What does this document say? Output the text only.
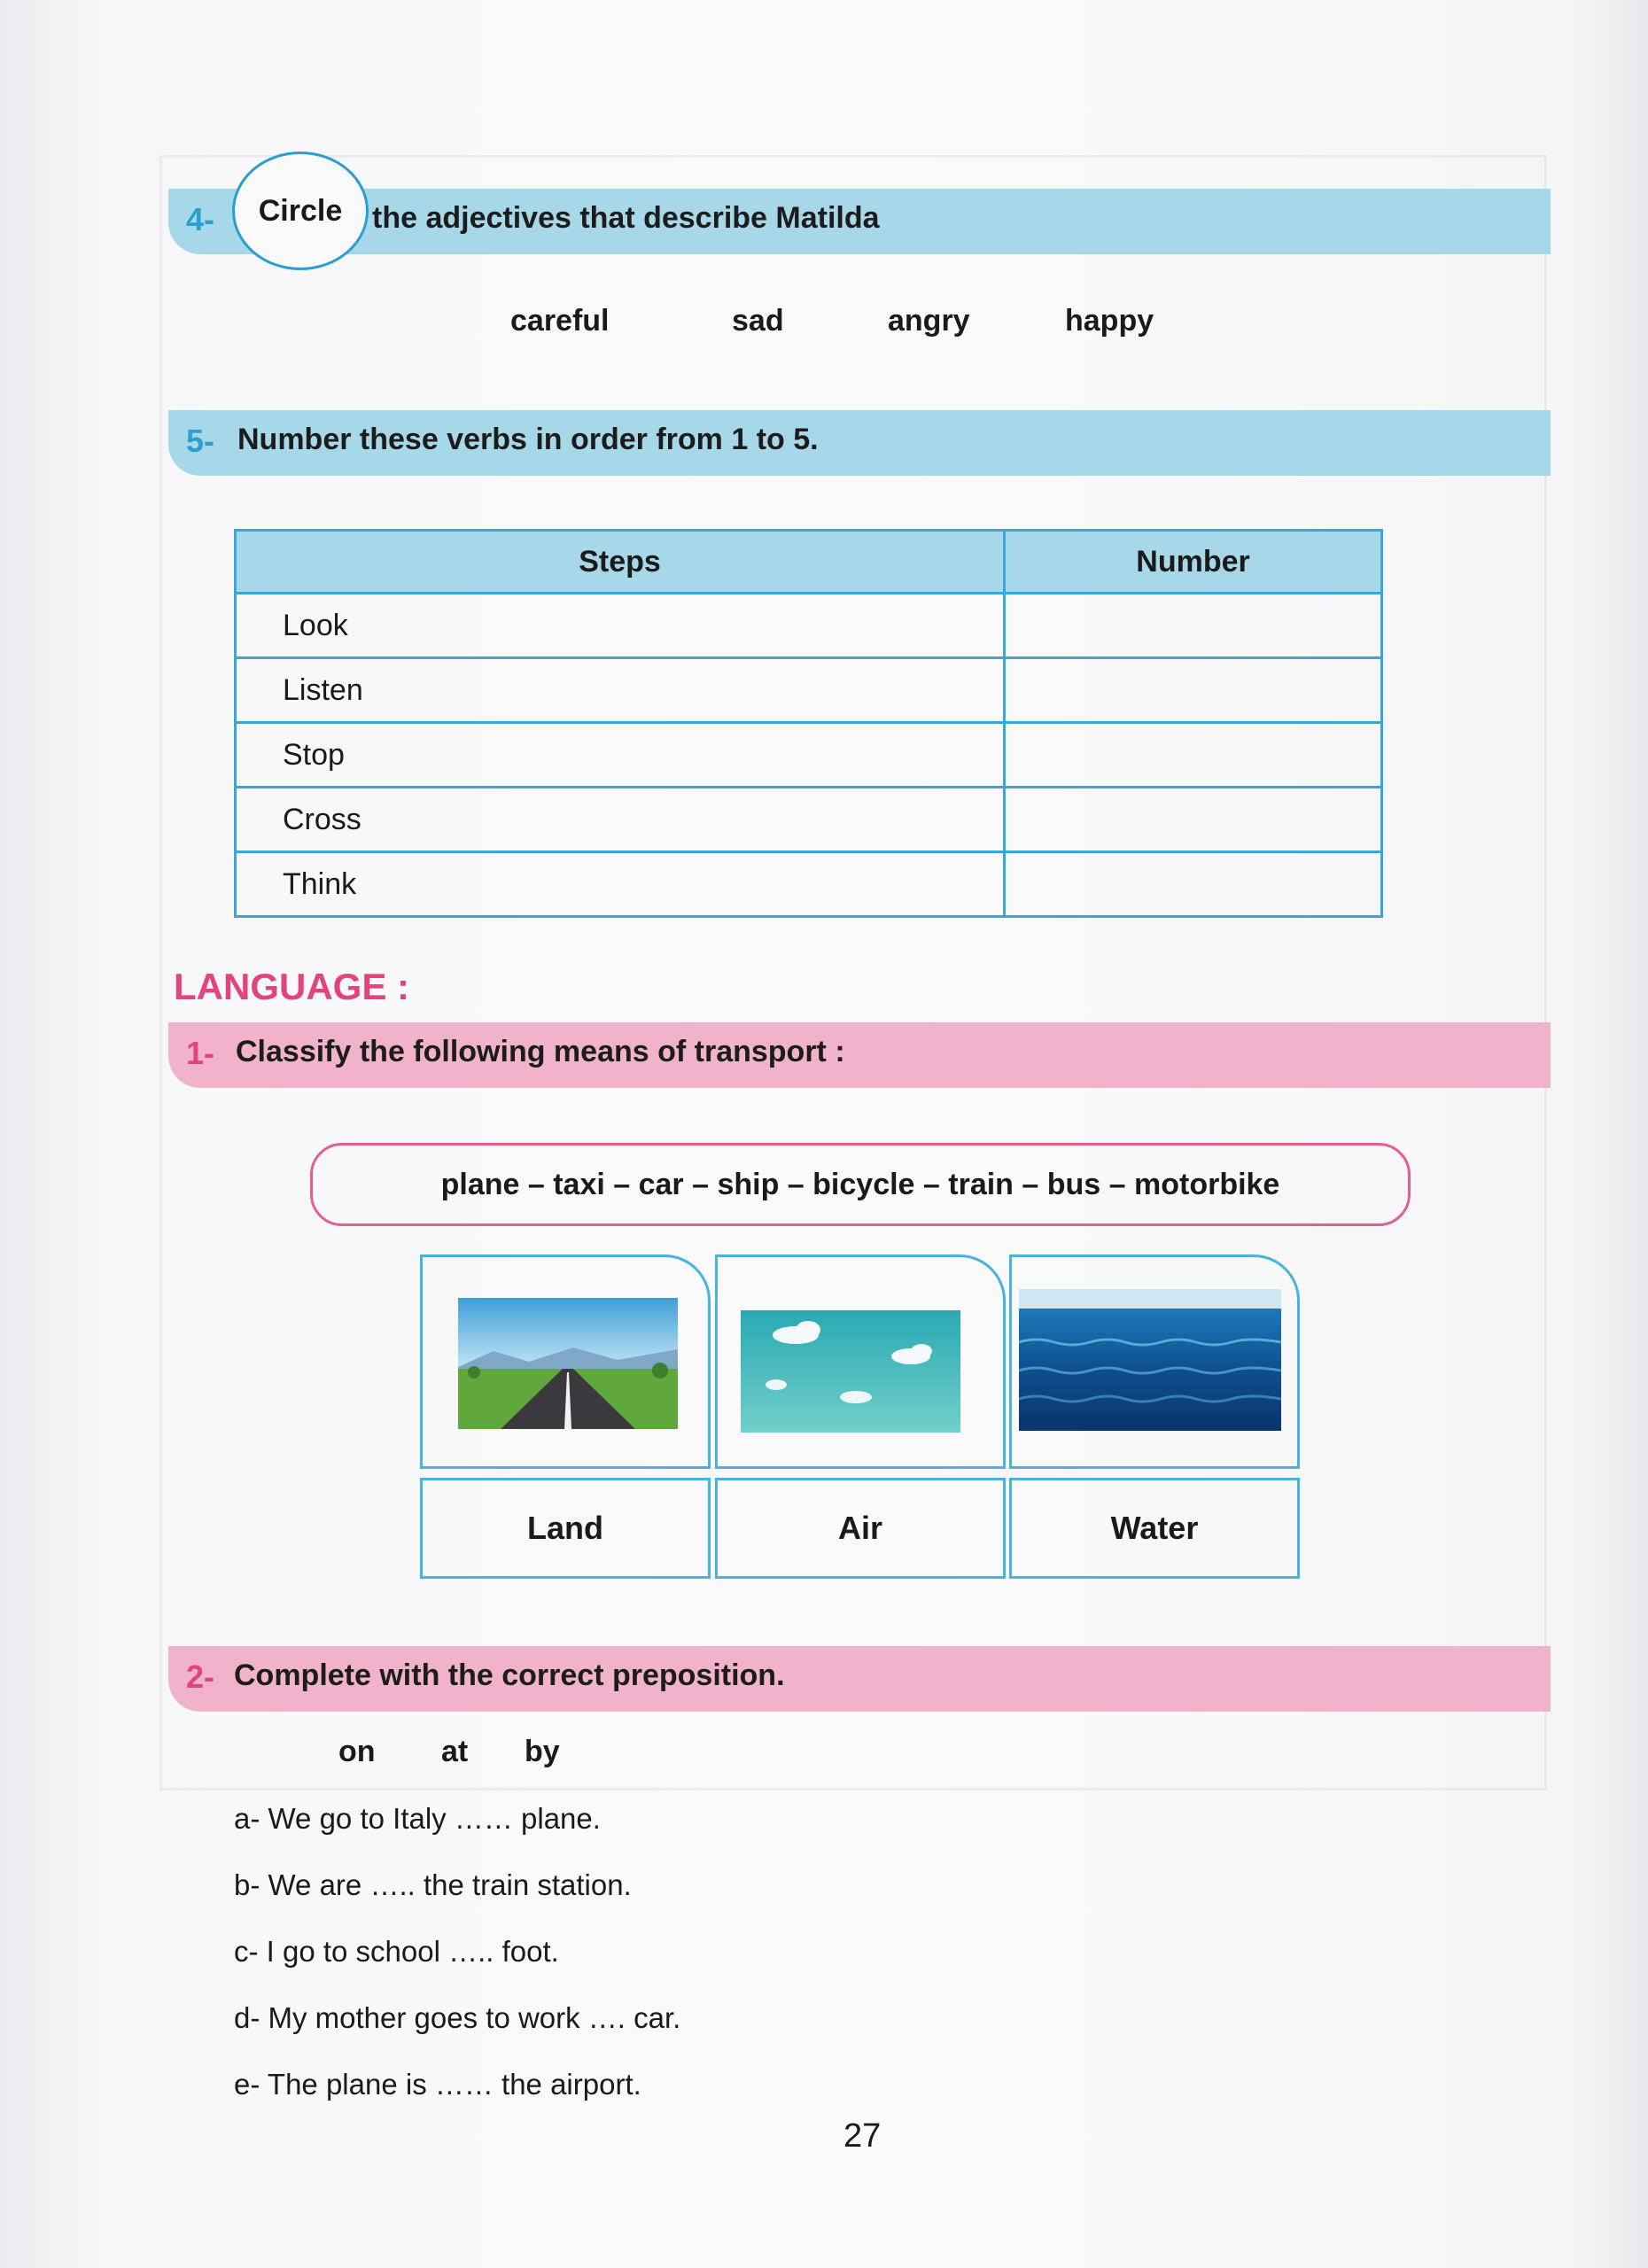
4-	Circle the adjectives that describe Matilda
careful	sad	angry	happy
5- Number these verbs in order from 1 to 5.
Steps	Number
Look	
Listen	
Stop	
Cross	
Think	
LANGUAGE :
1- Classify the following means of transport :
plane – taxi – car – ship – bicycle – train – bus – motorbike
Land	Air	Water
2- Complete with the correct preposition.
on at by
a- We go to Italy …… plane.
b- We are ….. the train station.
c- I go to school ….. foot.
d- My mother goes to work …. car.
e- The plane is …… the airport.
27
